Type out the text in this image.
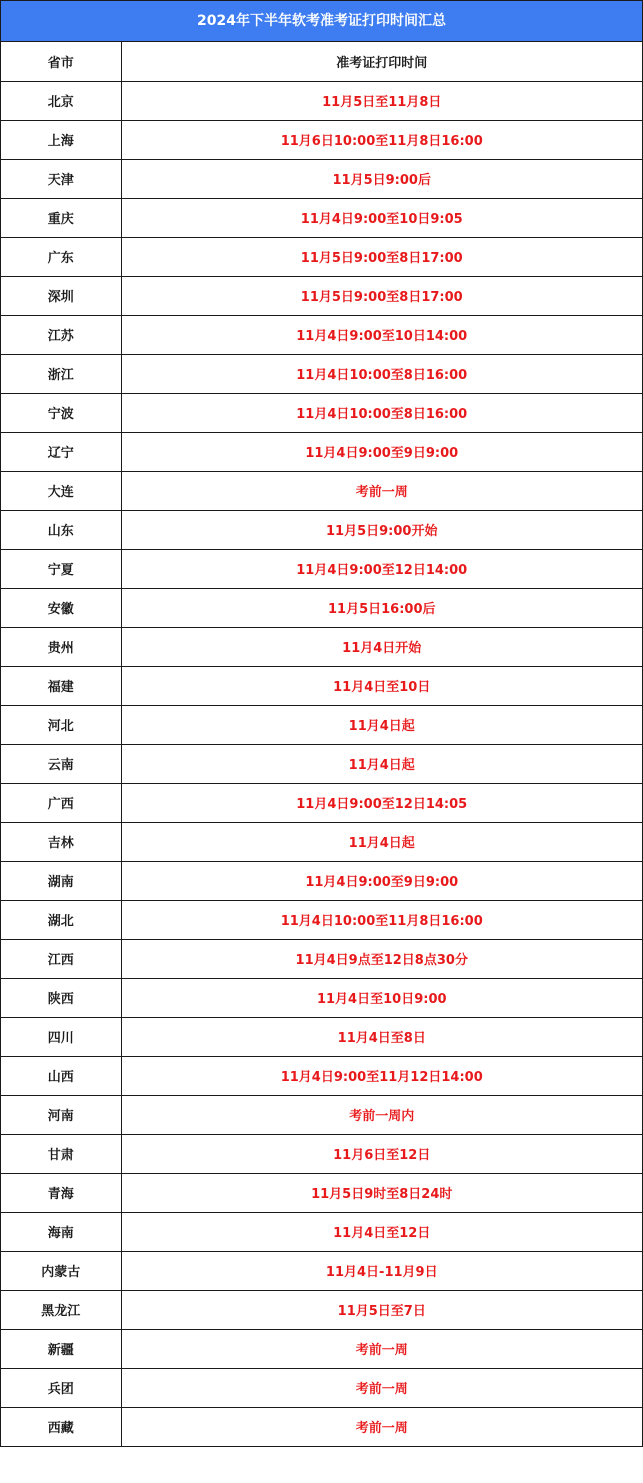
2024年下半年软考准考证打印时间汇总
省市	准考证打印时间
北京	11月5日至11月8日
上海	11月6日10:00至11月8日16:00
天津	11月5日9:00后
重庆	11月4日9:00至10日9:05
广东	11月5日9:00至8日17:00
深圳	11月5日9:00至8日17:00
江苏	11月4日9:00至10日14:00
浙江	11月4日10:00至8日16:00
宁波	11月4日10:00至8日16:00
辽宁	11月4日9:00至9日9:00
大连	考前一周
山东	11月5日9:00开始
宁夏	11月4日9:00至12日14:00
安徽	11月5日16:00后
贵州	11月4日开始
福建	11月4日至10日
河北	11月4日起
云南	11月4日起
广西	11月4日9:00至12日14:05
吉林	11月4日起
湖南	11月4日9:00至9日9:00
湖北	11月4日10:00至11月8日16:00
江西	11月4日9点至12日8点30分
陕西	11月4日至10日9:00
四川	11月4日至8日
山西	11月4日9:00至11月12日14:00
河南	考前一周内
甘肃	11月6日至12日
青海	11月5日9时至8日24时
海南	11月4日至12日
内蒙古	11月4日-11月9日
黑龙江	11月5日至7日
新疆	考前一周
兵团	考前一周
西藏	考前一周
